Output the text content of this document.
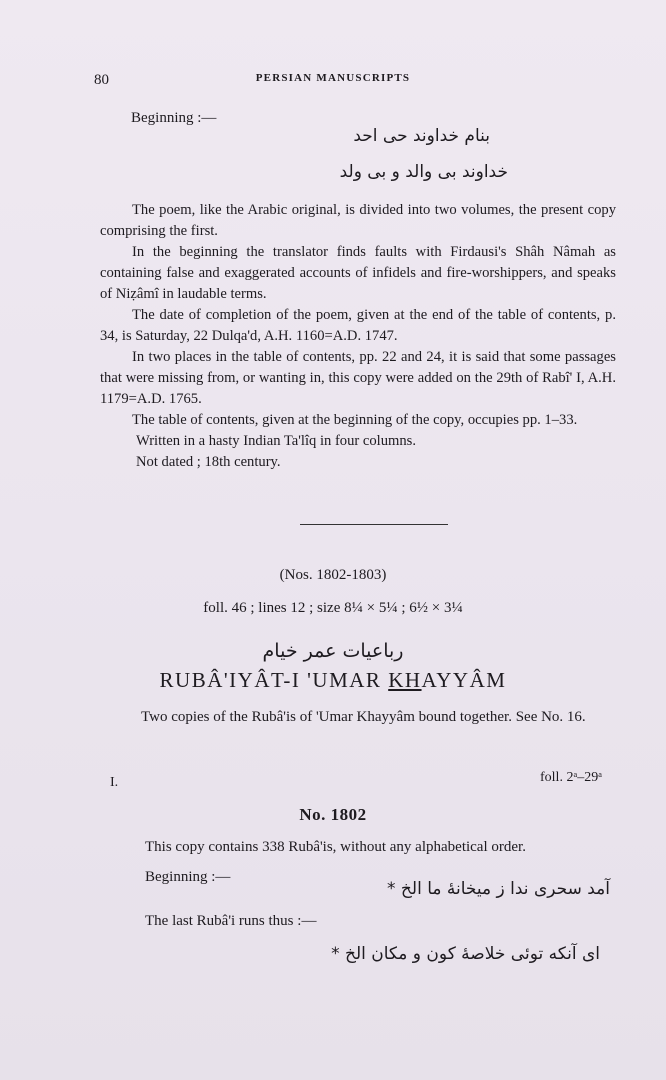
80	PERSIAN MANUSCRIPTS
Beginning :—
بنام خداوند حی احد
خداوند بی والد و بی ولد

The poem, like the Arabic original, is divided into two volumes, the present copy comprising the first.

In the beginning the translator finds faults with Firdausi's Shâh Nâmah as containing false and exaggerated accounts of infidels and fire-worshippers, and speaks of Niẓâmî in laudable terms.

The date of completion of the poem, given at the end of the table of contents, p. 34, is Saturday, 22 Dulqa'd, A.H. 1160=A.D. 1747.

In two places in the table of contents, pp. 22 and 24, it is said that some passages that were missing from, or wanting in, this copy were added on the 29th of Rabî' I, A.H. 1179=A.D. 1765.

The table of contents, given at the beginning of the copy, occupies pp. 1–33.

Written in a hasty Indian Ta'lîq in four columns.

Not dated ; 18th century.

(Nos. 1802-1803)
foll. 46 ; lines 12 ; size 8¼ × 5¼ ; 6½ × 3¼
رباعیات عمر خیام
RUBÂ'IYÂT-I 'UMAR KHAYYÂM

Two copies of the Rubâ'is of 'Umar Khayyâm bound together. See No. 16.

I.	foll. 2ᵃ–29ᵃ
No. 1802
This copy contains 338 Rubâ'is, without any alphabetical order.
Beginning :—
آمد سحری ندا ز میخانهٔ ما الخ *
The last Rubâ'i runs thus :—
ای آنکه توئی خلاصهٔ کون و مکان الخ *
